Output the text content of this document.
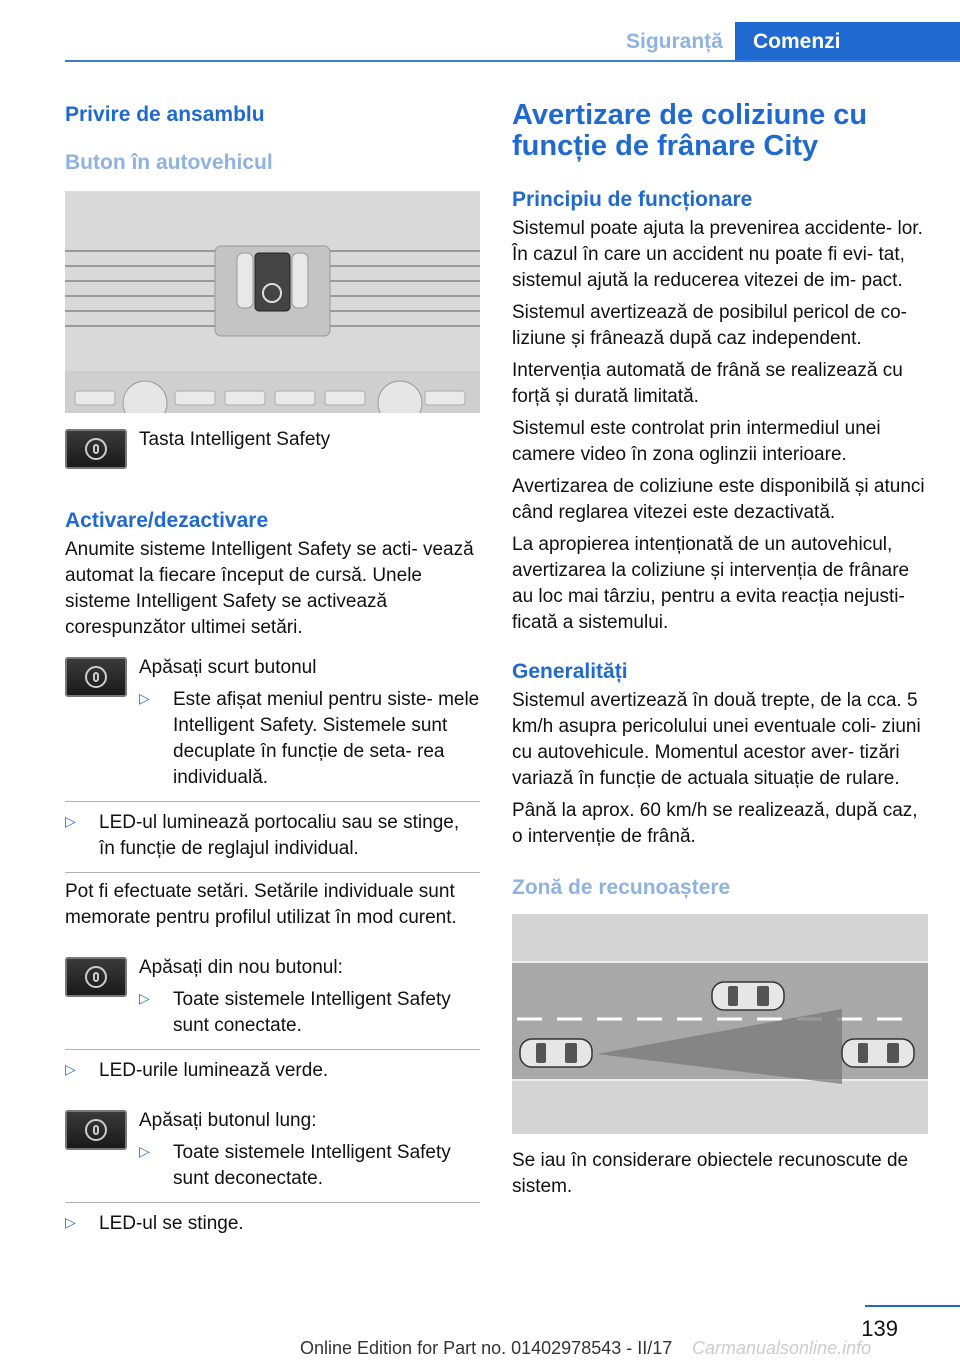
Siguranță	Comenzi
Privire de ansamblu
Buton în autovehicul

Tasta Intelligent Safety

Activare/dezactivare

Anumite sisteme Intelligent Safety se acti‐ vează automat la fiecare început de cursă. Unele sisteme Intelligent Safety se activează corespunzător ultimei setări.

Apăsați scurt butonul

▷	Este afișat meniul pentru siste‐ mele Intelligent Safety. Sistemele sunt decuplate în funcție de seta‐ rea individuală.

▷	LED-ul luminează portocaliu sau se stinge, în funcție de reglajul individual.

Pot fi efectuate setări. Setările individuale sunt memorate pentru profilul utilizat în mod curent.

Apăsați din nou butonul:

▷	Toate sistemele Intelligent Safety sunt conectate.

▷	LED-urile luminează verde.

Apăsați butonul lung:

▷	Toate sistemele Intelligent Safety sunt deconectate.

▷	LED-ul se stinge.

Avertizare de coliziune cu funcție de frânare City
Principiu de funcționare

Sistemul poate ajuta la prevenirea accidente‐ lor. În cazul în care un accident nu poate fi evi‐ tat, sistemul ajută la reducerea vitezei de im‐ pact.

Sistemul avertizează de posibilul pericol de co‐ liziune și frânează după caz independent.

Intervenția automată de frână se realizează cu forță și durată limitată.

Sistemul este controlat prin intermediul unei camere video în zona oglinzii interioare.

Avertizarea de coliziune este disponibilă și atunci când reglarea vitezei este dezactivată.

La apropierea intenționată de un autovehicul, avertizarea la coliziune și intervenția de frânare au loc mai târziu, pentru a evita reacția nejusti‐ ficată a sistemului.

Generalități

Sistemul avertizează în două trepte, de la cca. 5 km/h asupra pericolului unei eventuale coli‐ ziuni cu autovehicule. Momentul acestor aver‐ tizări variază în funcție de actuala situație de rulare.

Până la aprox. 60 km/h se realizează, după caz, o intervenție de frână.

Zonă de recunoaștere

Se iau în considerare obiectele recunoscute de sistem.

139
Online Edition for Part no. 01402978543 - II/17 Carmanualsonline.info
